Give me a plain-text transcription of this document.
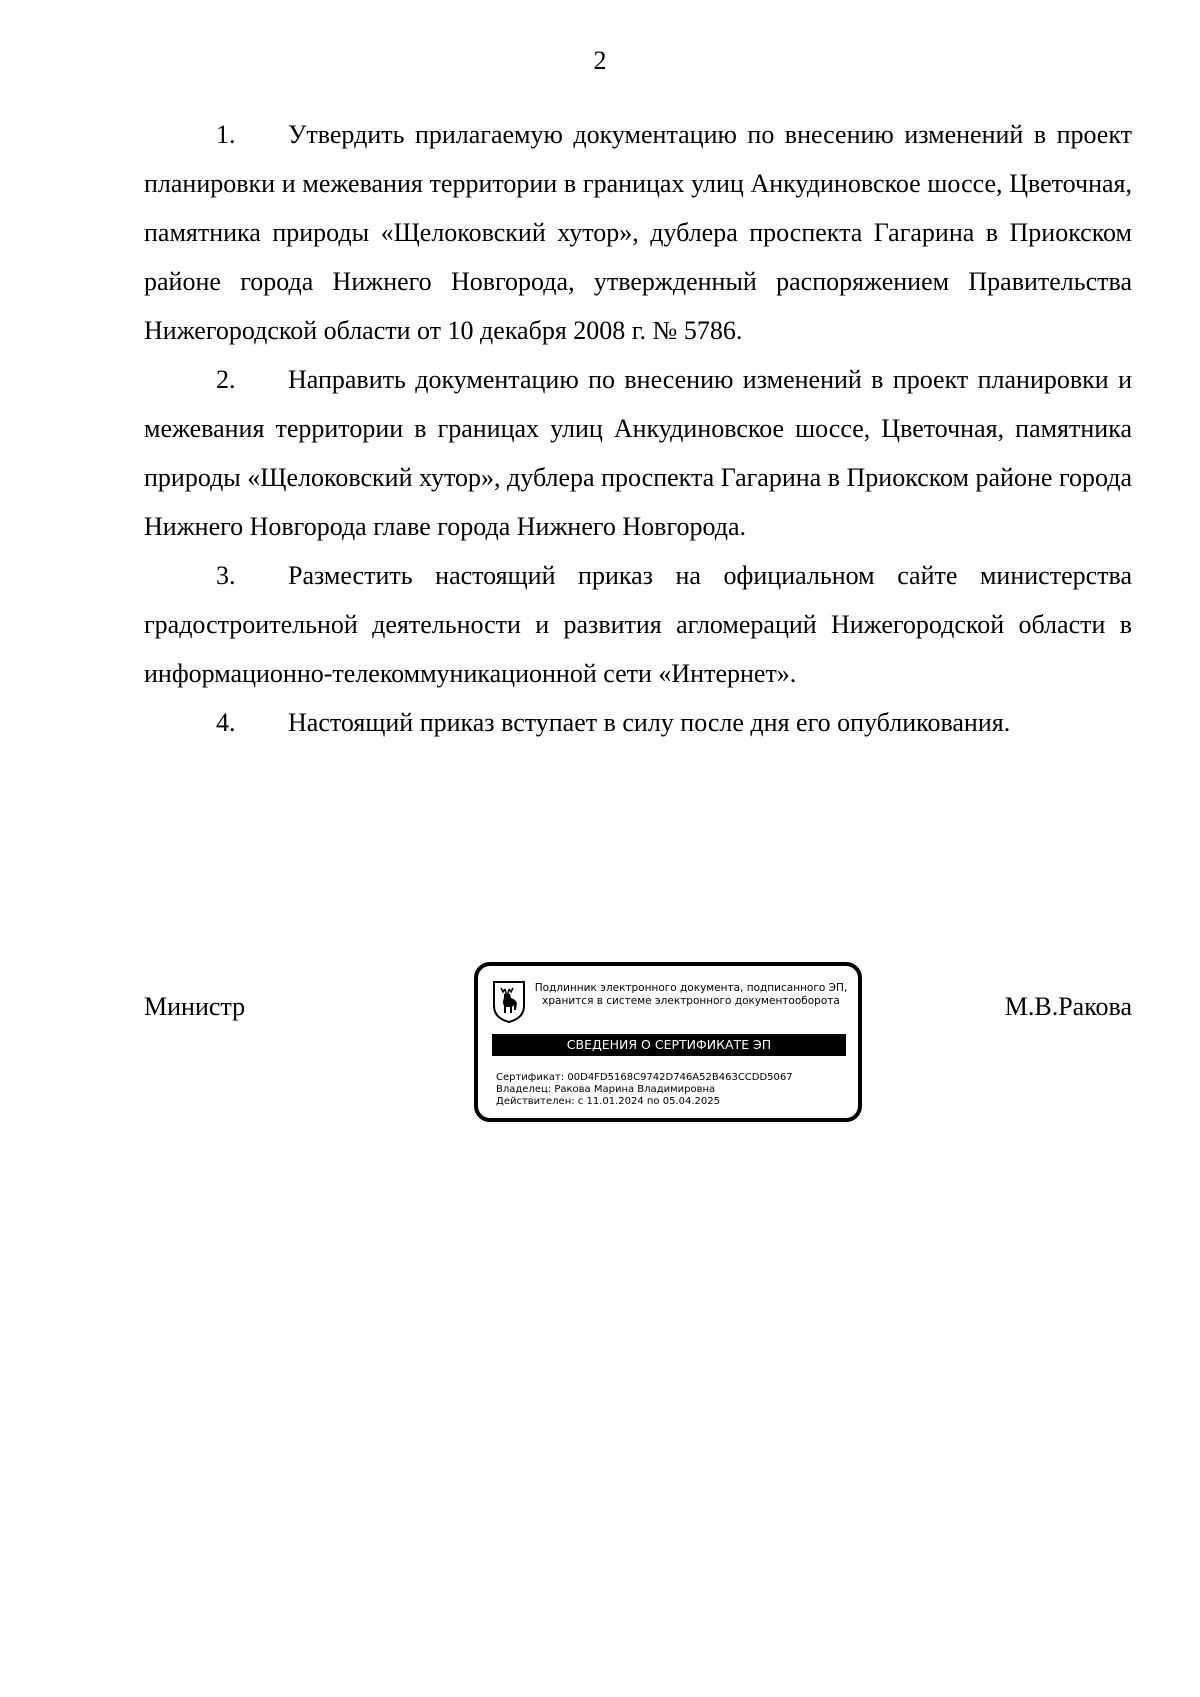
2

1. Утвердить прилагаемую документацию по внесению изменений в проект планировки и межевания территории в границах улиц Анкудиновское шоссе, Цветочная, памятника природы «Щелоковский хутор», дублера проспекта Гагарина в Приокском районе города Нижнего Новгорода, утвержденный распоряжением Правительства Нижегородской области от 10 декабря 2008 г. № 5786.

2. Направить документацию по внесению изменений в проект планировки и межевания территории в границах улиц Анкудиновское шоссе, Цветочная, памятника природы «Щелоковский хутор», дублера проспекта Гагарина в Приокском районе города Нижнего Новгорода главе города Нижнего Новгорода.

3. Разместить настоящий приказ на официальном сайте министерства градостроительной деятельности и развития агломераций Нижегородской области в информационно-телекоммуникационной сети «Интернет».

4. Настоящий приказ вступает в силу после дня его опубликования.

Министр	М.В.Ракова
Подлинник электронного документа, подписанного ЭП,
хранится в системе электронного документооборота
СВЕДЕНИЯ О СЕРТИФИКАТЕ ЭП
Сертификат: 00D4FD5168C9742D746A52B463CCDD5067
Владелец: Ракова Марина Владимировна
Действителен: с 11.01.2024 по 05.04.2025
